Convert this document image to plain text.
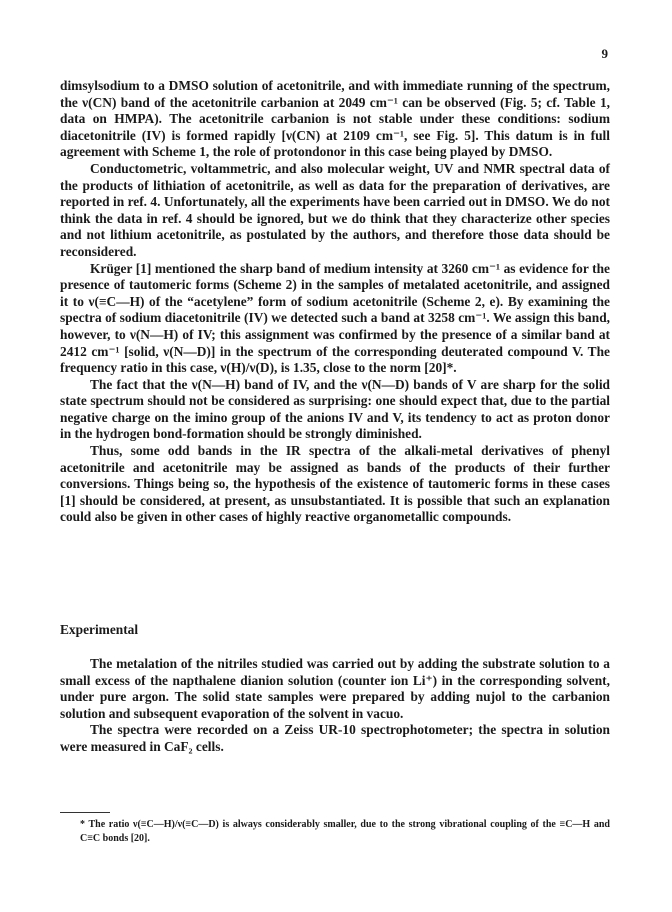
9

dimsylsodium to a DMSO solution of acetonitrile, and with immediate running of the spectrum, the ν(CN) band of the acetonitrile carbanion at 2049 cm⁻¹ can be observed (Fig. 5; cf. Table 1, data on HMPA). The acetonitrile carbanion is not stable under these conditions: sodium diacetonitrile (IV) is formed rapidly [ν(CN) at 2109 cm⁻¹, see Fig. 5]. This datum is in full agreement with Scheme 1, the role of protondonor in this case being played by DMSO.

Conductometric, voltammetric, and also molecular weight, UV and NMR spectral data of the products of lithiation of acetonitrile, as well as data for the preparation of derivatives, are reported in ref. 4. Unfortunately, all the experiments have been carried out in DMSO. We do not think the data in ref. 4 should be ignored, but we do think that they characterize other species and not lithium acetonitrile, as postulated by the authors, and therefore those data should be reconsidered.

Krüger [1] mentioned the sharp band of medium intensity at 3260 cm⁻¹ as evidence for the presence of tautomeric forms (Scheme 2) in the samples of metalated acetonitrile, and assigned it to ν(≡C—H) of the “acetylene” form of sodium acetonitrile (Scheme 2, e). By examining the spectra of sodium diacetonitrile (IV) we detected such a band at 3258 cm⁻¹. We assign this band, however, to ν(N—H) of IV; this assignment was confirmed by the presence of a similar band at 2412 cm⁻¹ [solid, ν(N—D)] in the spectrum of the corresponding deuterated compound V. The frequency ratio in this case, ν(H)/ν(D), is 1.35, close to the norm [20]*.

The fact that the ν(N—H) band of IV, and the ν(N—D) bands of V are sharp for the solid state spectrum should not be considered as surprising: one should expect that, due to the partial negative charge on the imino group of the anions IV and V, its tendency to act as proton donor in the hydrogen bond-formation should be strongly diminished.

Thus, some odd bands in the IR spectra of the alkali-metal derivatives of phenyl acetonitrile and acetonitrile may be assigned as bands of the products of their further conversions. Things being so, the hypothesis of the existence of tautomeric forms in these cases [1] should be considered, at present, as unsubstantiated. It is possible that such an explanation could also be given in other cases of highly reactive organometallic compounds.

Experimental

The metalation of the nitriles studied was carried out by adding the substrate solution to a small excess of the napthalene dianion solution (counter ion Li⁺) in the corresponding solvent, under pure argon. The solid state samples were prepared by adding nujol to the carbanion solution and subsequent evaporation of the solvent in vacuo.

The spectra were recorded on a Zeiss UR-10 spectrophotometer; the spectra in solution were measured in CaF₂ cells.

* The ratio ν(≡C—H)/ν(≡C—D) is always considerably smaller, due to the strong vibrational coupling of the ≡C—H and C≡C bonds [20].
